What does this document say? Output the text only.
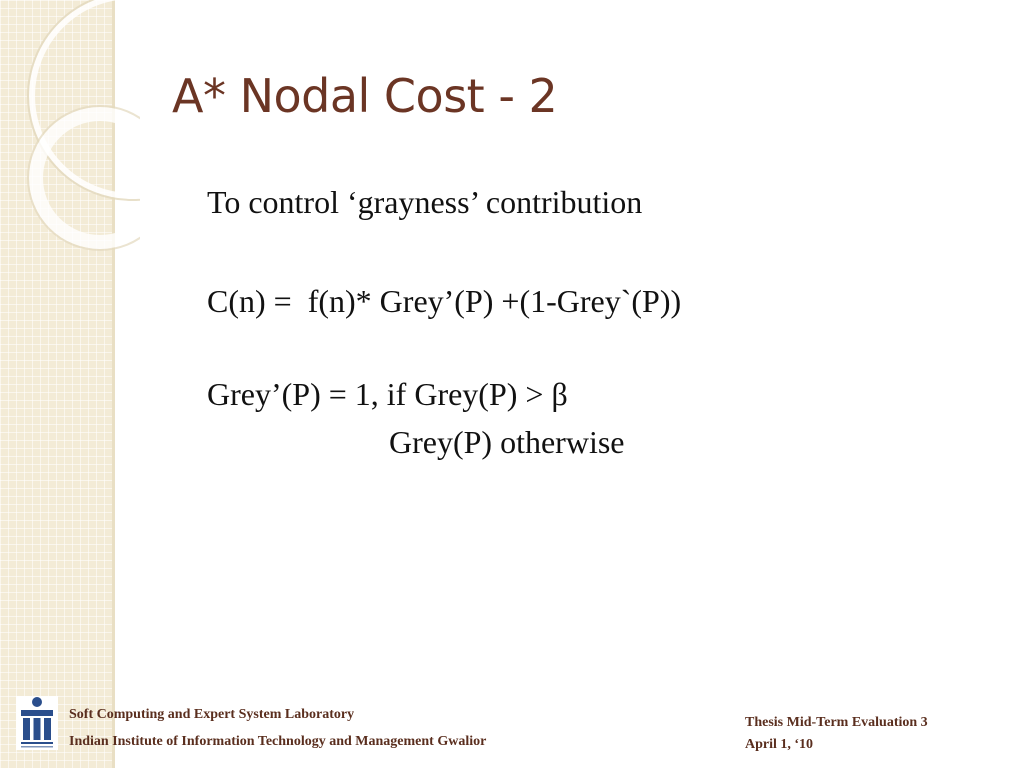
A* Nodal Cost - 2

To control ‘grayness’ contribution

C(n) =  f(n)* Grey’(P) +(1-Grey`(P))

Grey’(P) = 1, if Grey(P) > β

Grey(P) otherwise

Soft Computing and Expert System Laboratory

Indian Institute of Information Technology and Management Gwalior

Thesis Mid-Term Evaluation 3

April 1, ‘10
